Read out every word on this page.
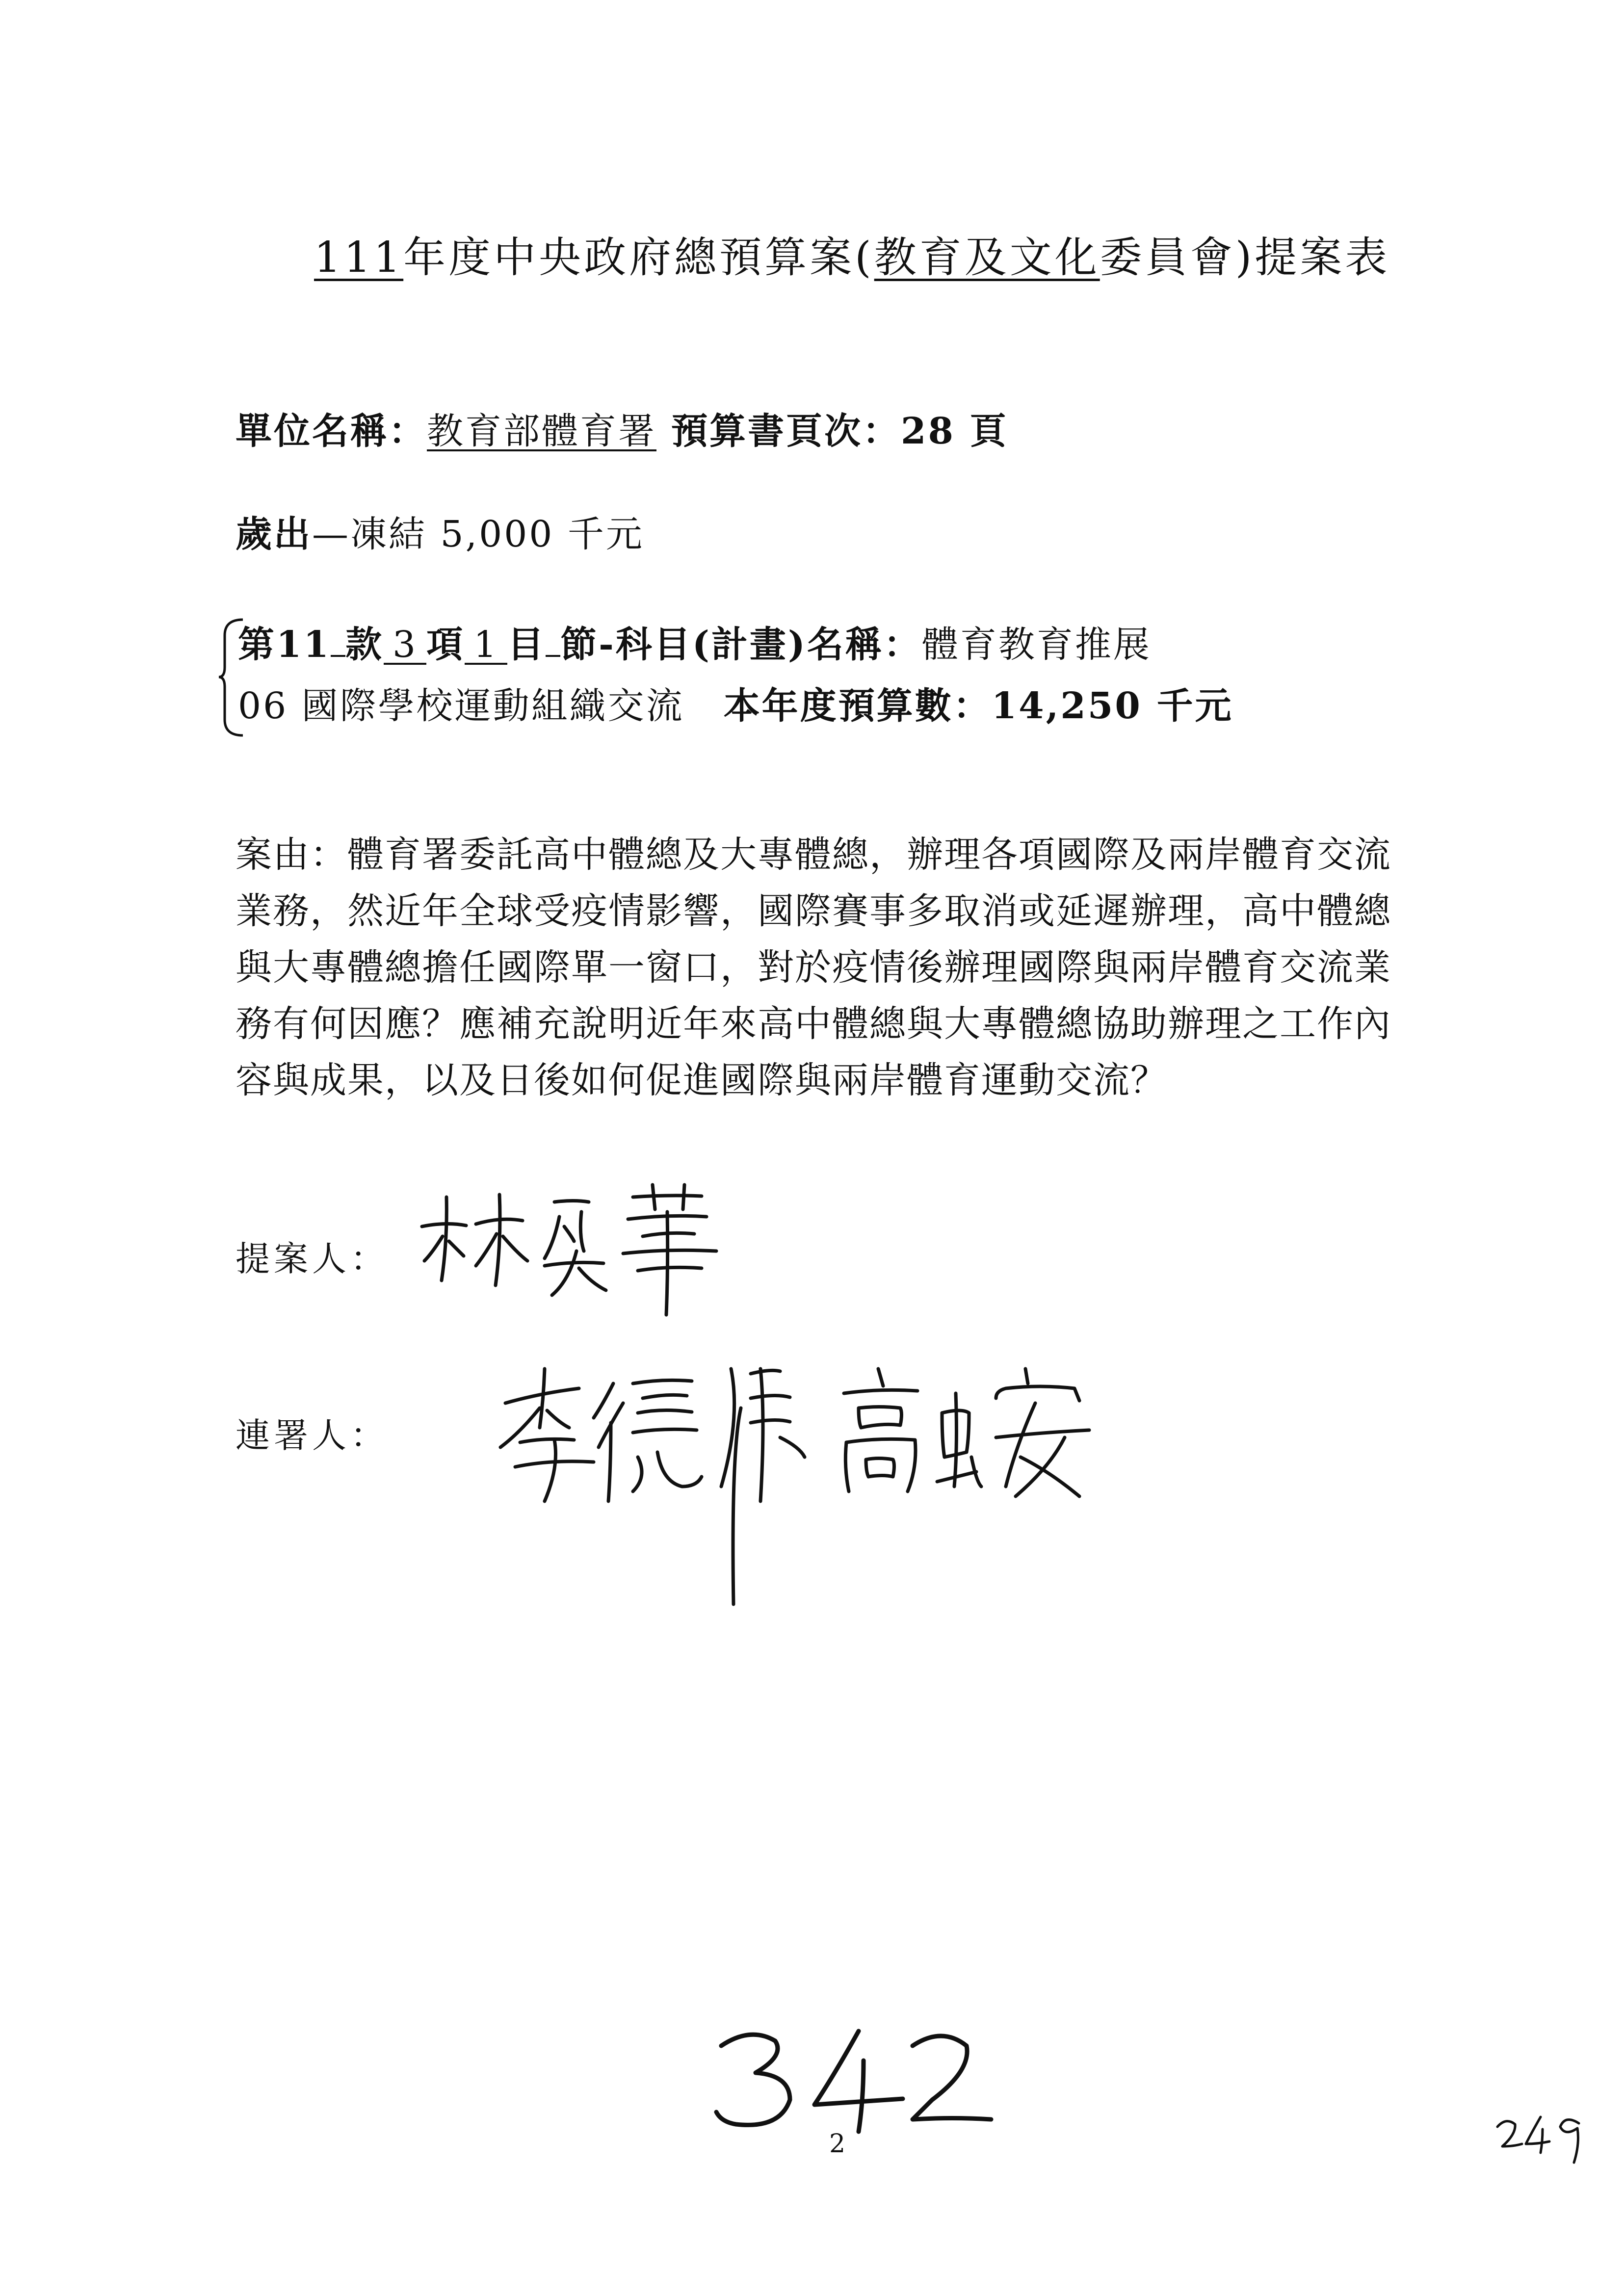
111年度中央政府總預算案(教育及文化委員會)提案表
單位名稱：教育部體育署 預算書頁次：28 頁
歲出—凍結 5,000 千元
第11 款 3 項 1 目 節-科目(計畫)名稱：體育教育推展
06 國際學校運動組織交流 本年度預算數：14,250 千元
案由：體育署委託高中體總及大專體總，辦理各項國際及兩岸體育交流
業務，然近年全球受疫情影響，國際賽事多取消或延遲辦理，高中體總
與大專體總擔任國際單一窗口，對於疫情後辦理國際與兩岸體育交流業
務有何因應？應補充說明近年來高中體總與大專體總協助辦理之工作內
容與成果，以及日後如何促進國際與兩岸體育運動交流？
提案人：
連署人：
2
